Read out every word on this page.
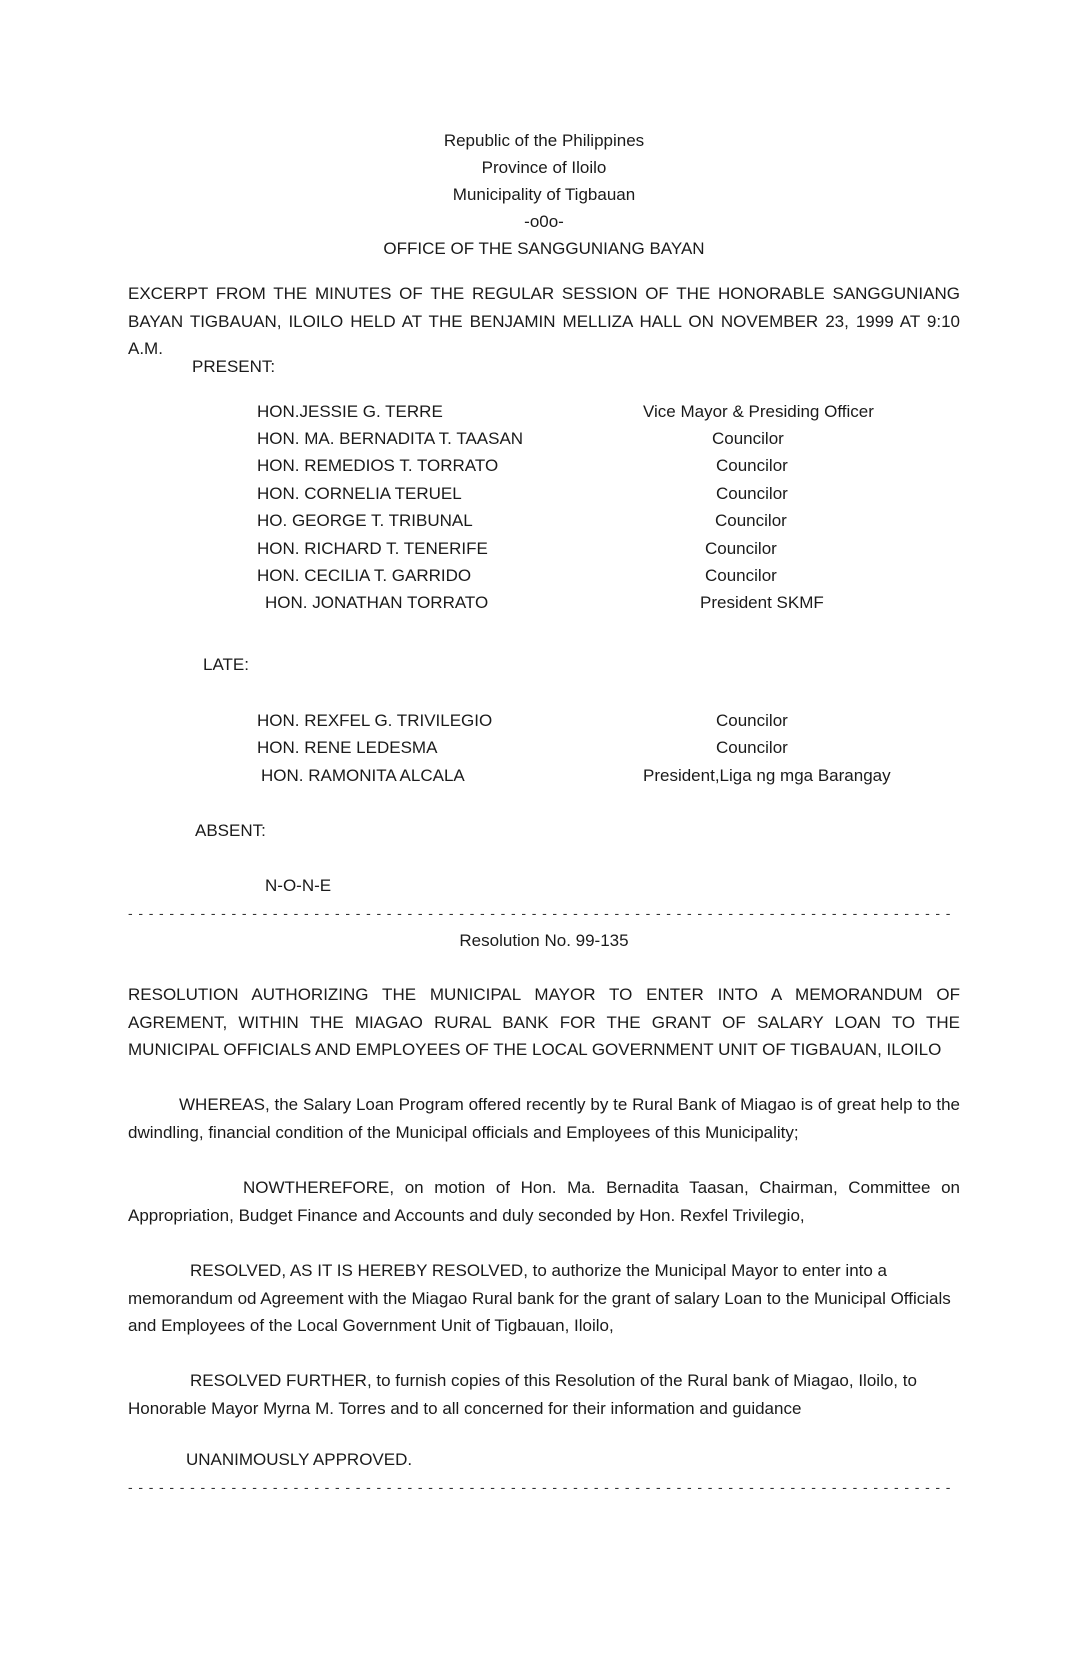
Republic of the Philippines
Province of Iloilo
Municipality of Tigbauan
-o0o-
OFFICE OF THE SANGGUNIANG BAYAN
EXCERPT FROM THE MINUTES OF THE REGULAR SESSION OF THE HONORABLE SANGGUNIANG BAYAN TIGBAUAN, ILOILO HELD AT THE BENJAMIN MELLIZA HALL ON NOVEMBER 23, 1999 AT 9:10 A.M.
PRESENT:
HON.JESSIE G. TERRE	Vice Mayor & Presiding Officer
HON. MA. BERNADITA T. TAASAN	Councilor
HON. REMEDIOS T. TORRATO	Councilor
HON. CORNELIA TERUEL	Councilor
HO. GEORGE T. TRIBUNAL	Councilor
HON. RICHARD T. TENERIFE	Councilor
HON. CECILIA T. GARRIDO	Councilor
HON. JONATHAN TORRATO	President SKMF
LATE:
HON. REXFEL G. TRIVILEGIO	Councilor
HON. RENE LEDESMA	Councilor
HON. RAMONITA ALCALA	President,Liga ng mga Barangay
ABSENT:
N-O-N-E
- - - - - - - - - - - - - - - - - - - - - - - - - - - - - - - - - - - - - - - - - - - - - - - - - - - - - - - - - - - - - - - - - - - - - - - - - - - - - - - -
Resolution No. 99-135
RESOLUTION AUTHORIZING THE MUNICIPAL MAYOR TO ENTER INTO A MEMORANDUM OF AGREMENT, WITHIN THE MIAGAO RURAL BANK FOR THE GRANT OF SALARY LOAN TO THE MUNICIPAL OFFICIALS AND EMPLOYEES OF THE LOCAL GOVERNMENT UNIT OF TIGBAUAN, ILOILO
WHEREAS, the Salary Loan Program offered recently by te Rural Bank of Miagao is of great help to the dwindling, financial condition of the Municipal officials and Employees of this Municipality;
NOWTHEREFORE, on motion of Hon. Ma. Bernadita Taasan, Chairman, Committee on Appropriation, Budget Finance and Accounts and duly seconded by Hon. Rexfel Trivilegio,
RESOLVED, AS IT IS HEREBY RESOLVED, to authorize the Municipal Mayor to enter into a memorandum od Agreement with the Miagao Rural bank for the grant of salary Loan to the Municipal Officials and Employees of the Local Government Unit of Tigbauan, Iloilo,
RESOLVED FURTHER, to furnish copies of this Resolution of the Rural bank of Miagao, Iloilo, to Honorable Mayor Myrna M. Torres and to all concerned for their information and guidance
UNANIMOUSLY APPROVED.
- - - - - - - - - - - - - - - - - - - - - - - - - - - - - - - - - - - - - - - - - - - - - - - - - - - - - - - - - - - - - - - - - - - - - - - - - - - - - - - -
